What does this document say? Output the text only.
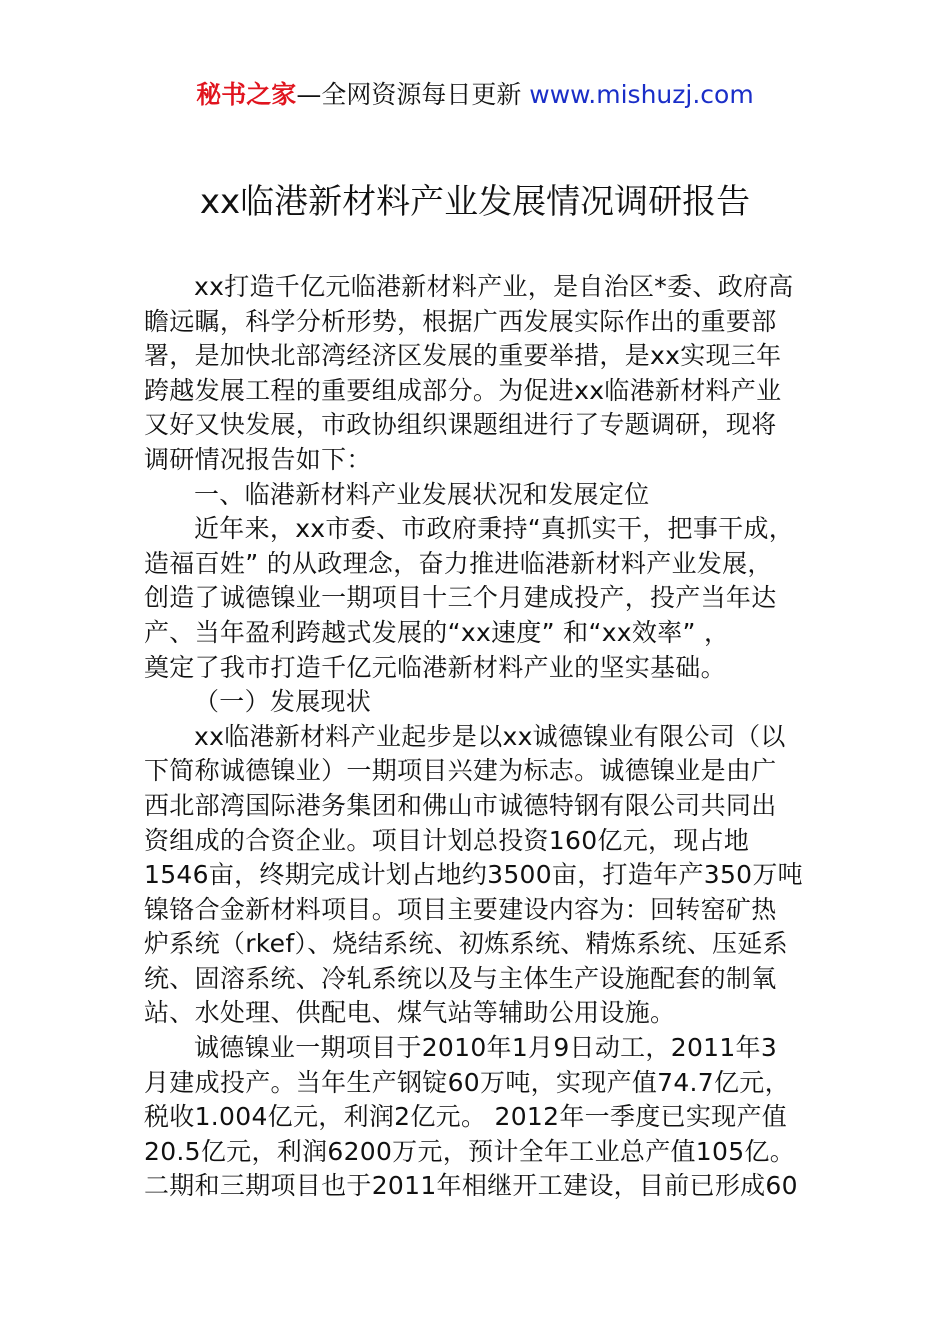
秘书之家—全网资源每日更新 www.mishuzj.com
xx临港新材料产业发展情况调研报告
xx打造千亿元临港新材料产业，是自治区*委、政府高
瞻远瞩，科学分析形势，根据广西发展实际作出的重要部
署，是加快北部湾经济区发展的重要举措，是xx实现三年
跨越发展工程的重要组成部分。为促进xx临港新材料产业
又好又快发展，市政协组织课题组进行了专题调研，现将
调研情况报告如下：
一、临港新材料产业发展状况和发展定位
近年来，xx市委、市政府秉持“真抓实干，把事干成，
造福百姓” 的从政理念，奋力推进临港新材料产业发展，
创造了诚德镍业一期项目十三个月建成投产，投产当年达
产、当年盈利跨越式发展的“xx速度” 和“xx效率” ，
奠定了我市打造千亿元临港新材料产业的坚实基础。
（一）发展现状
xx临港新材料产业起步是以xx诚德镍业有限公司（以
下简称诚德镍业）一期项目兴建为标志。诚德镍业是由广
西北部湾国际港务集团和佛山市诚德特钢有限公司共同出
资组成的合资企业。项目计划总投资160亿元，现占地
1546亩，终期完成计划占地约3500亩，打造年产350万吨
镍铬合金新材料项目。项目主要建设内容为：回转窑矿热
炉系统（rkef）、烧结系统、初炼系统、精炼系统、压延系
统、固溶系统、冷轧系统以及与主体生产设施配套的制氧
站、水处理、供配电、煤气站等辅助公用设施。
诚德镍业一期项目于2010年1月9日动工，2011年3
月建成投产。当年生产钢锭60万吨，实现产值74.7亿元，
税收1.004亿元，利润2亿元。 2012年一季度已实现产值
20.5亿元，利润6200万元，预计全年工业总产值105亿。
二期和三期项目也于2011年相继开工建设，目前已形成60
